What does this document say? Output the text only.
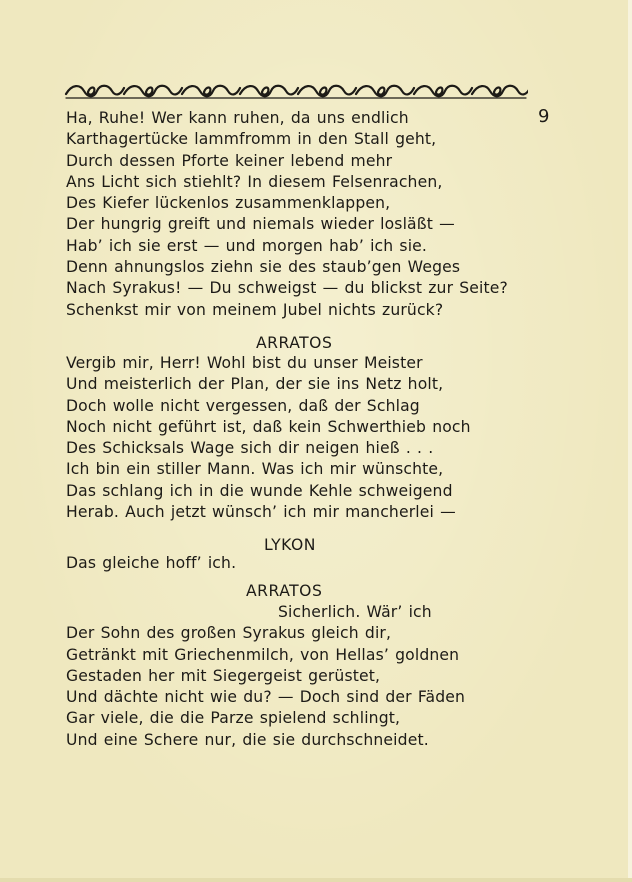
9
Ha, Ruhe! Wer kann ruhen, da uns endlich
Karthagertücke lammfromm in den Stall geht,
Durch dessen Pforte keiner lebend mehr
Ans Licht sich stiehlt? In diesem Felsenrachen,
Des Kiefer lückenlos zusammenklappen,
Der hungrig greift und niemals wieder losläßt —
Hab’ ich sie erst — und morgen hab’ ich sie.
Denn ahnungslos ziehn sie des staub’gen Weges
Nach Syrakus! — Du schweigst — du blickst zur Seite?
Schenkst mir von meinem Jubel nichts zurück?
ARRATOS
Vergib mir, Herr! Wohl bist du unser Meister
Und meisterlich der Plan, der sie ins Netz holt,
Doch wolle nicht vergessen, daß der Schlag
Noch nicht geführt ist, daß kein Schwerthieb noch
Des Schicksals Wage sich dir neigen hieß . . .
Ich bin ein stiller Mann. Was ich mir wünschte,
Das schlang ich in die wunde Kehle schweigend
Herab. Auch jetzt wünsch’ ich mir mancherlei —
LYKON
Das gleiche hoff’ ich.
ARRATOS
Sicherlich. Wär’ ich
Der Sohn des großen Syrakus gleich dir,
Getränkt mit Griechenmilch, von Hellas’ goldnen
Gestaden her mit Siegergeist gerüstet,
Und dächte nicht wie du? — Doch sind der Fäden
Gar viele, die die Parze spielend schlingt,
Und eine Schere nur, die sie durchschneidet.
